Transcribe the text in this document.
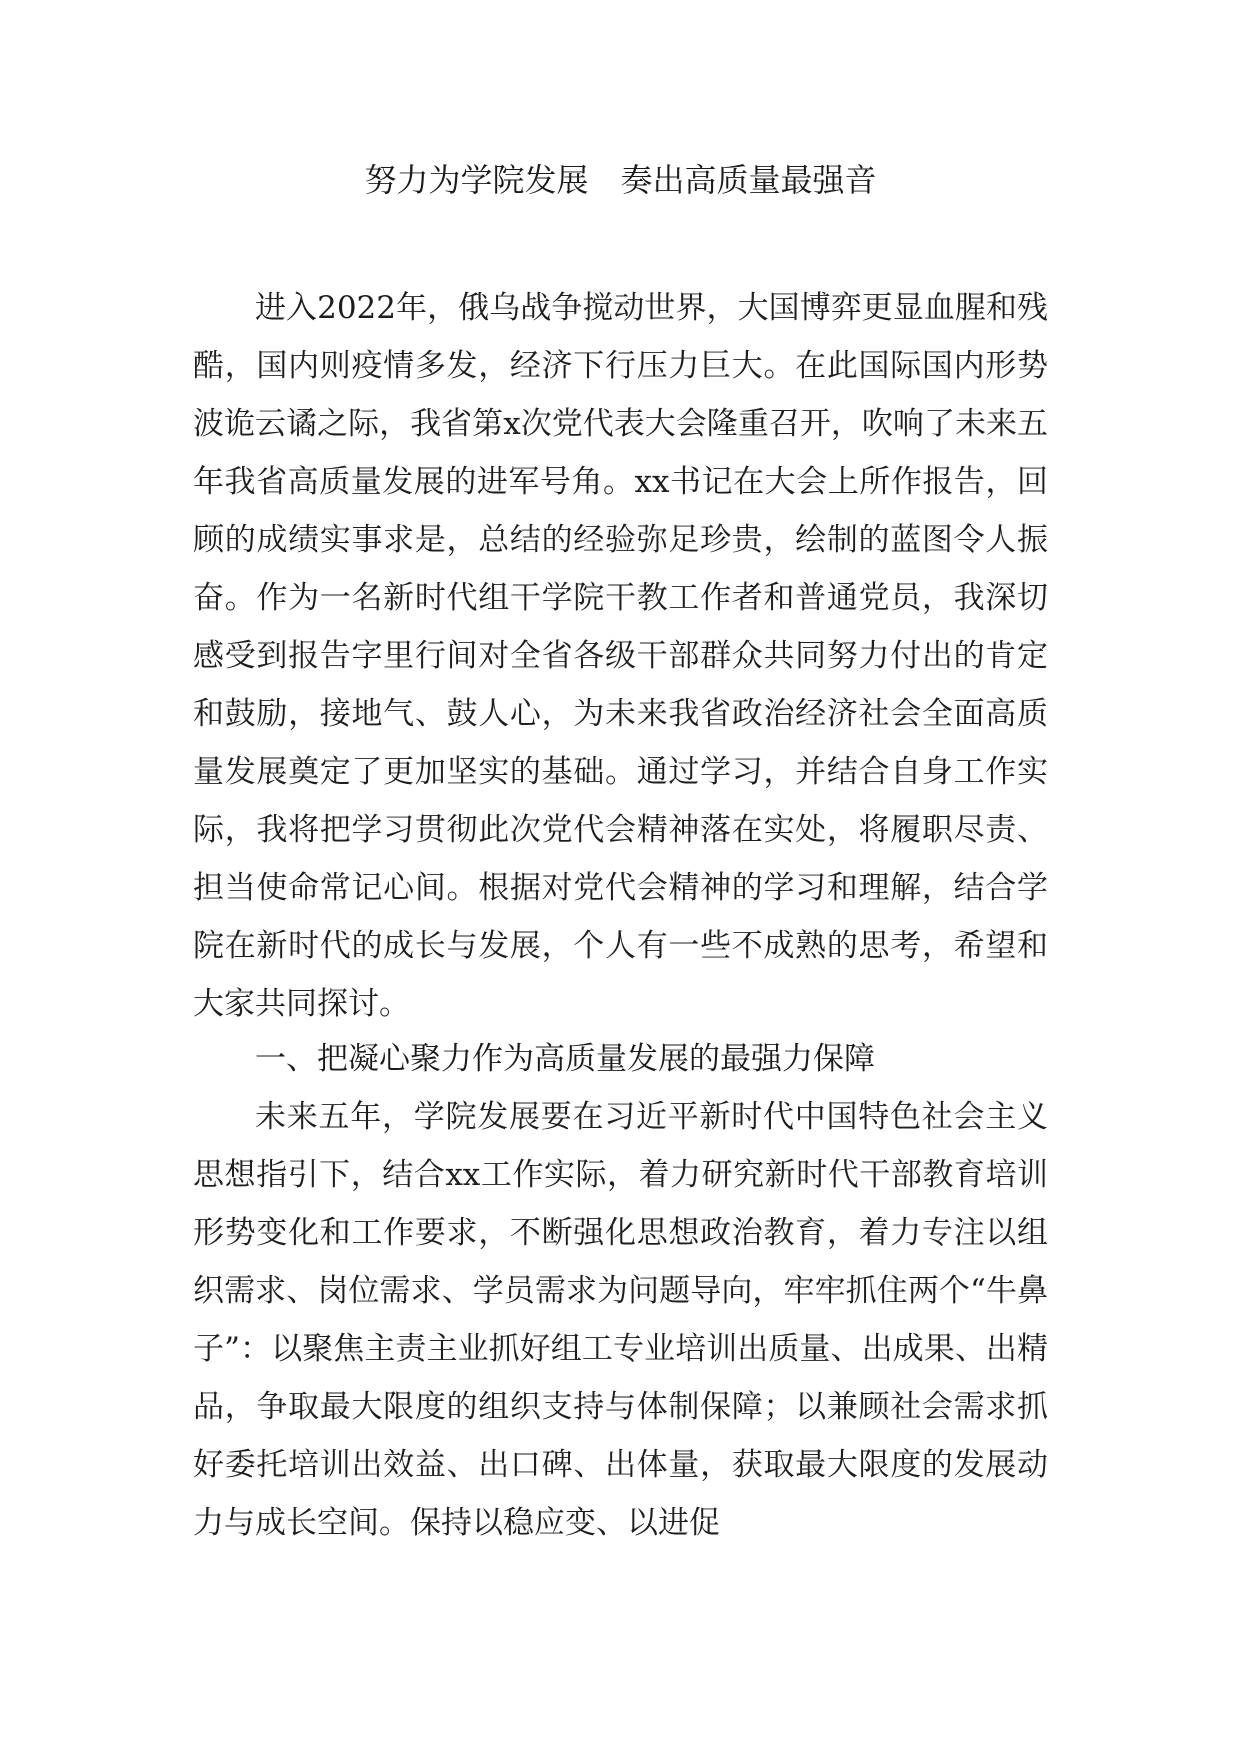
努力为学院发展　奏出高质量最强音

进入2022年，俄乌战争搅动世界，大国博弈更显血腥和残酷，国内则疫情多发，经济下行压力巨大。在此国际国内形势波诡云谲之际，我省第x次党代表大会隆重召开，吹响了未来五年我省高质量发展的进军号角。xx书记在大会上所作报告，回顾的成绩实事求是，总结的经验弥足珍贵，绘制的蓝图令人振奋。作为一名新时代组干学院干教工作者和普通党员，我深切感受到报告字里行间对全省各级干部群众共同努力付出的肯定和鼓励，接地气、鼓人心，为未来我省政治经济社会全面高质量发展奠定了更加坚实的基础。通过学习，并结合自身工作实际，我将把学习贯彻此次党代会精神落在实处，将履职尽责、担当使命常记心间。根据对党代会精神的学习和理解，结合学院在新时代的成长与发展，个人有一些不成熟的思考，希望和大家共同探讨。

一、把凝心聚力作为高质量发展的最强力保障

未来五年，学院发展要在习近平新时代中国特色社会主义思想指引下，结合xx工作实际，着力研究新时代干部教育培训形势变化和工作要求，不断强化思想政治教育，着力专注以组织需求、岗位需求、学员需求为问题导向，牢牢抓住两个“牛鼻子”：以聚焦主责主业抓好组工专业培训出质量、出成果、出精品，争取最大限度的组织支持与体制保障；以兼顾社会需求抓好委托培训出效益、出口碑、出体量，获取最大限度的发展动力与成长空间。保持以稳应变、以进促
